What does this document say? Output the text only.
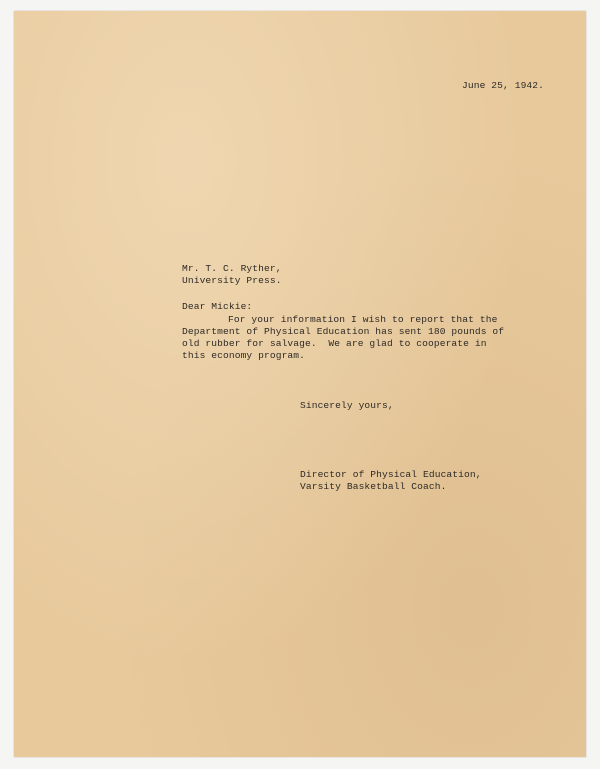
June 25, 1942.
Mr. T. C. Ryther,
University Press.
Dear Mickie:
For your information I wish to report that the
Department of Physical Education has sent 180 pounds of
old rubber for salvage.  We are glad to cooperate in
this economy program.
Sincerely yours,
Director of Physical Education,
Varsity Basketball Coach.
